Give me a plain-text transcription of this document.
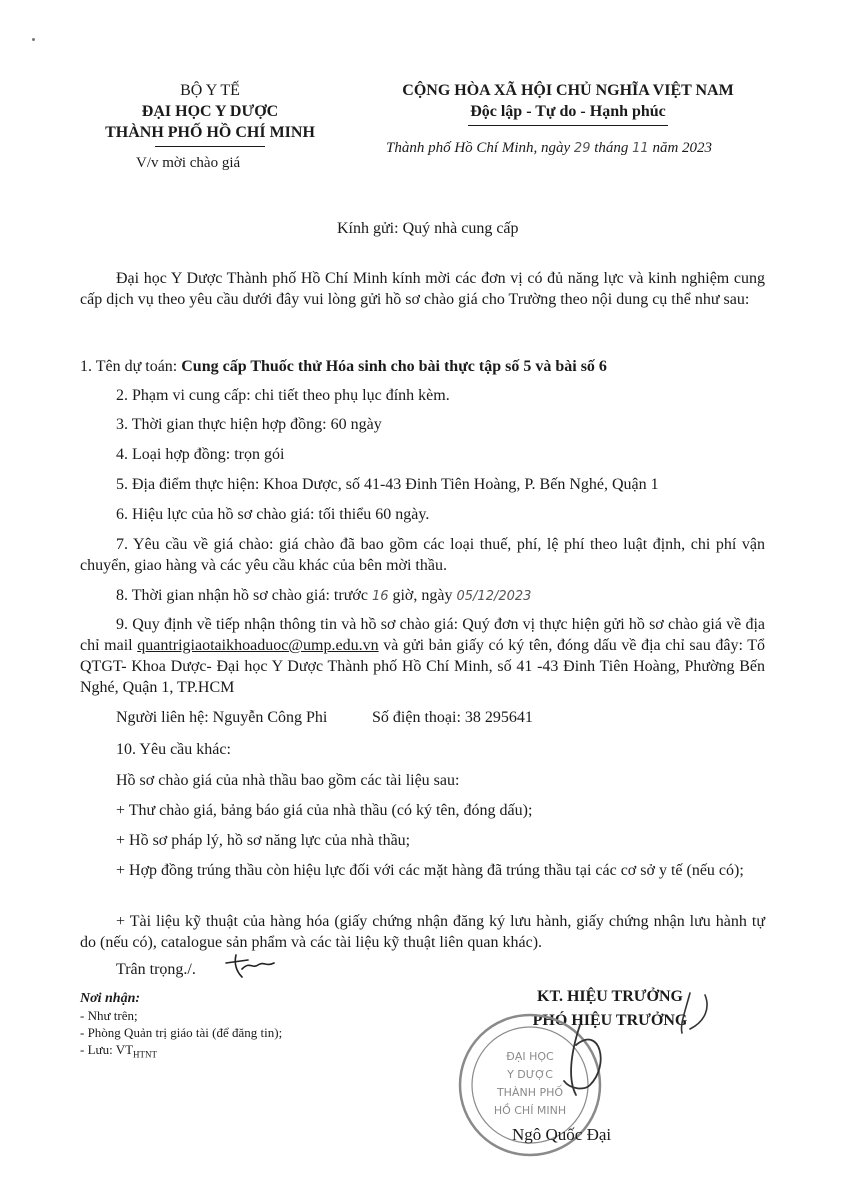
BỘ Y TẾ
ĐẠI HỌC Y DƯỢC
THÀNH PHỐ HỒ CHÍ MINH
V/v mời chào giá
CỘNG HÒA XÃ HỘI CHỦ NGHĨA VIỆT NAM
Độc lập - Tự do - Hạnh phúc
Thành phố Hồ Chí Minh, ngày 29 tháng 11 năm 2023
Kính gửi: Quý nhà cung cấp
Đại học Y Dược Thành phố Hồ Chí Minh kính mời các đơn vị có đủ năng lực và kinh nghiệm cung cấp dịch vụ theo yêu cầu dưới đây vui lòng gửi hồ sơ chào giá cho Trường theo nội dung cụ thể như sau:
1. Tên dự toán: Cung cấp Thuốc thử Hóa sinh cho bài thực tập số 5 và bài số 6
2. Phạm vi cung cấp: chi tiết theo phụ lục đính kèm.
3. Thời gian thực hiện hợp đồng: 60 ngày
4. Loại hợp đồng: trọn gói
5. Địa điểm thực hiện: Khoa Dược, số 41-43 Đinh Tiên Hoàng, P. Bến Nghé, Quận 1
6. Hiệu lực của hồ sơ chào giá: tối thiểu 60 ngày.
7. Yêu cầu về giá chào: giá chào đã bao gồm các loại thuế, phí, lệ phí theo luật định, chi phí vận chuyển, giao hàng và các yêu cầu khác của bên mời thầu.
8. Thời gian nhận hồ sơ chào giá: trước 16 giờ, ngày 05/12/2023
9. Quy định về tiếp nhận thông tin và hồ sơ chào giá: Quý đơn vị thực hiện gửi hồ sơ chào giá về địa chỉ mail quantrigiaotaikhoaduoc@ump.edu.vn và gửi bản giấy có ký tên, đóng dấu về địa chỉ sau đây: Tổ QTGT- Khoa Dược- Đại học Y Dược Thành phố Hồ Chí Minh, số 41 -43 Đinh Tiên Hoàng, Phường Bến Nghé, Quận 1, TP.HCM
Người liên hệ: Nguyễn Công Phi	Số điện thoại: 38 295641
10. Yêu cầu khác:
Hồ sơ chào giá của nhà thầu bao gồm các tài liệu sau:
+ Thư chào giá, bảng báo giá của nhà thầu (có ký tên, đóng dấu);
+ Hồ sơ pháp lý, hồ sơ năng lực của nhà thầu;
+ Hợp đồng trúng thầu còn hiệu lực đối với các mặt hàng đã trúng thầu tại các cơ sở y tế (nếu có);
+ Tài liệu kỹ thuật của hàng hóa (giấy chứng nhận đăng ký lưu hành, giấy chứng nhận lưu hành tự do (nếu có), catalogue sản phẩm và các tài liệu kỹ thuật liên quan khác).
Trân trọng./.
Nơi nhận:
- Như trên;
- Phòng Quản trị giáo tài (để đăng tin);
- Lưu: $VT_{HTNT}$
KT. HIỆU TRƯỞNG
PHÓ HIỆU TRƯỞNG
ĐẠI HỌC
Y DƯỢC
THÀNH PHỐ
HỒ CHÍ MINH
Ngô Quốc Đại
